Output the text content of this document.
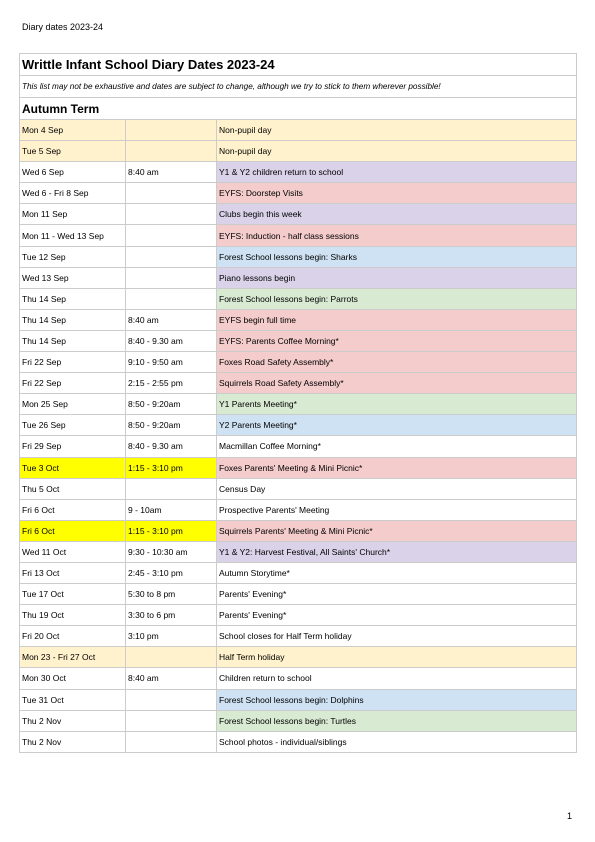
Diary dates 2023-24
Writtle Infant School Diary Dates 2023-24		
This list may not be exhaustive and dates are subject to change, although we try to stick to them wherever possible!		
Autumn Term		
Mon 4 Sep		Non-pupil day
Tue 5 Sep		Non-pupil day
Wed 6 Sep	8:40 am	Y1 & Y2 children return to school
Wed 6 - Fri 8 Sep		EYFS: Doorstep Visits
Mon 11 Sep		Clubs begin this week
Mon 11 - Wed 13 Sep		EYFS: Induction - half class sessions
Tue 12 Sep		Forest School lessons begin: Sharks
Wed 13 Sep		Piano lessons begin
Thu 14 Sep		Forest School lessons begin: Parrots
Thu 14 Sep	8:40 am	EYFS begin full time
Thu 14 Sep	8:40 - 9.30 am	EYFS: Parents Coffee Morning*
Fri 22 Sep	9:10 - 9:50 am	Foxes Road Safety Assembly*
Fri 22 Sep	2:15 - 2:55 pm	Squirrels Road Safety Assembly*
Mon 25 Sep	8:50 - 9:20am	Y1 Parents Meeting*
Tue 26 Sep	8:50 - 9:20am	Y2 Parents Meeting*
Fri 29 Sep	8:40 - 9.30 am	Macmillan Coffee Morning*
Tue 3 Oct	1:15 - 3:10 pm	Foxes Parents' Meeting & Mini Picnic*
Thu 5 Oct		Census Day
Fri 6 Oct	9 - 10am	Prospective Parents' Meeting
Fri 6 Oct	1:15 - 3:10 pm	Squirrels Parents' Meeting & Mini Picnic*
Wed 11 Oct	9:30 - 10:30 am	Y1 & Y2: Harvest Festival, All Saints' Church*
Fri 13 Oct	2:45 - 3:10 pm	Autumn Storytime*
Tue 17 Oct	5:30 to 8 pm	Parents' Evening*
Thu 19 Oct	3:30 to 6 pm	Parents' Evening*
Fri 20 Oct	3:10 pm	School closes for Half Term holiday
Mon 23 - Fri 27 Oct		Half Term holiday
Mon 30 Oct	8:40 am	Children return to school
Tue 31 Oct		Forest School lessons begin: Dolphins
Thu 2 Nov		Forest School lessons begin: Turtles
Thu 2 Nov		School photos - individual/siblings
1
